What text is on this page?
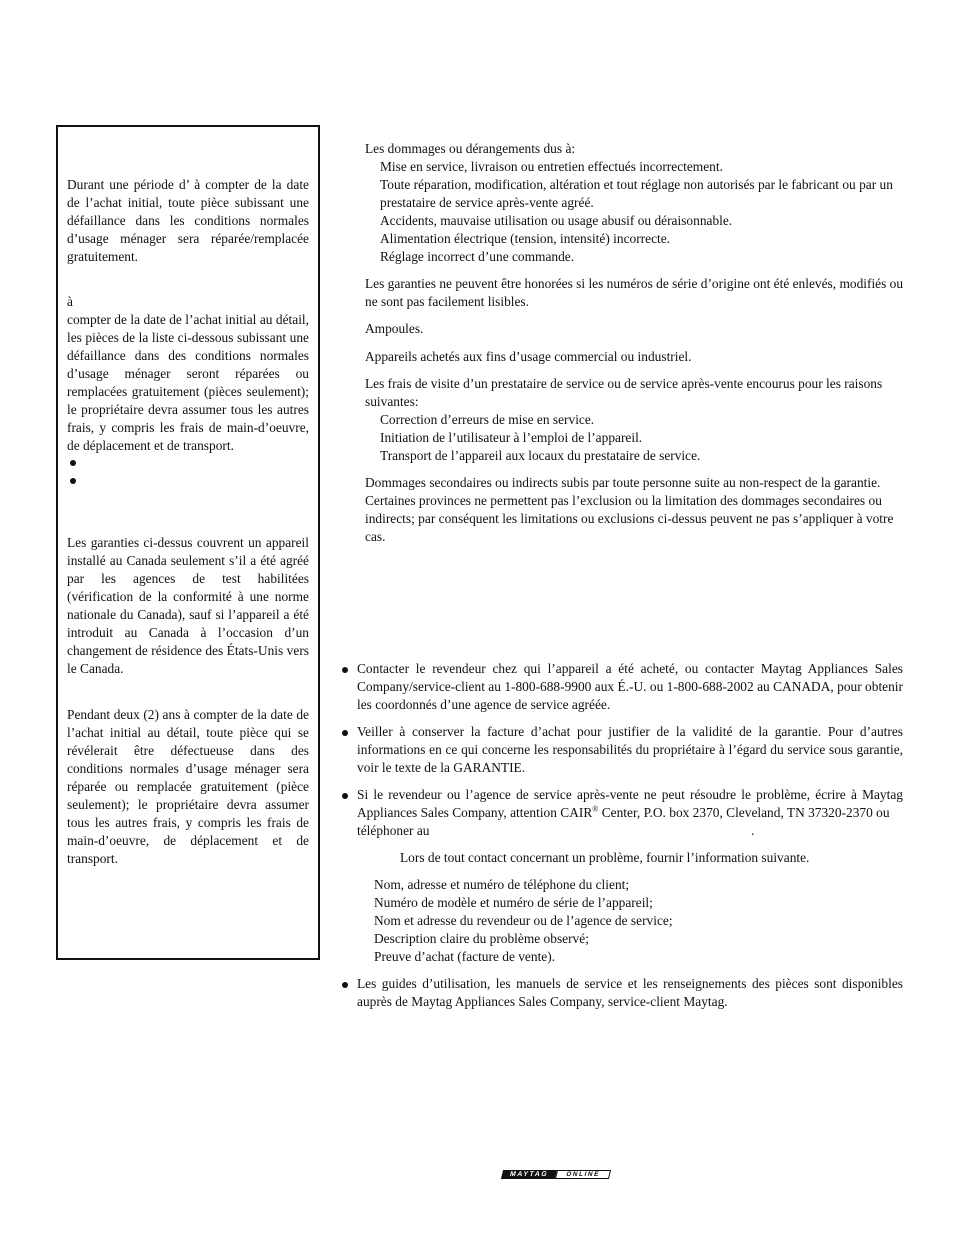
Durant une période d’ à compter de la date de l’achat initial, toute pièce subissant une défaillance dans les conditions normales d’usage ménager sera réparée/remplacée gratuitement.

à

compter de la date de l’achat initial au détail, les pièces de la liste ci-dessous subissant une défaillance dans des conditions normales d’usage ménager seront réparées ou remplacées gratuitement (pièces seulement); le propriétaire devra assumer tous les autres frais, y compris les frais de main-d’oeuvre, de déplacement et de transport.

Les garanties ci-dessus couvrent un appareil installé au Canada seulement s’il a été agréé par les agences de test habilitées (vérification de la conformité à une norme nationale du Canada), sauf si l’appareil a été introduit au Canada à l’occasion d’un changement de résidence des États-Unis vers le Canada.

Pendant deux (2) ans à compter de la date de l’achat initial au détail, toute pièce qui se révélerait être défectueuse dans des conditions normales d’usage ménager sera réparée ou remplacée gratuitement (pièce seulement); le propriétaire devra assumer tous les autres frais, y compris les frais de main-d’oeuvre, de déplacement et de transport.

Les dommages ou dérangements dus à:

Mise en service, livraison ou entretien effectués incorrectement.

Toute réparation, modification, altération et tout réglage non autorisés par le fabricant ou par un prestataire de service après-vente agréé.

Accidents, mauvaise utilisation ou usage abusif ou déraisonnable.

Alimentation électrique (tension, intensité) incorrecte.

Réglage incorrect d’une commande.

Les garanties ne peuvent être honorées si les numéros de série d’origine ont été enlevés, modifiés ou ne sont pas facilement lisibles.

Ampoules.

Appareils achetés aux fins d’usage commercial ou industriel.

Les frais de visite d’un prestataire de service ou de service après-vente encourus pour les raisons suivantes:

Correction d’erreurs de mise en service.

Initiation de l’utilisateur à l’emploi de l’appareil.

Transport de l’appareil aux locaux du prestataire de service.

Dommages secondaires ou indirects subis par toute personne suite au non-respect de la garantie. Certaines provinces ne permettent pas l’exclusion ou la limitation des dommages secondaires ou indirects; par conséquent les limitations ou exclusions ci-dessus peuvent ne pas s’appliquer à votre cas.

Contacter le revendeur chez qui l’appareil a été acheté, ou contacter Maytag Appliances Sales Company/service-client au 1-800-688-9900 aux É.-U. ou 1-800-688-2002 au CANADA, pour obtenir les coordonnés d’une agence de service agréée.

Veiller à conserver la facture d’achat pour justifier de la validité de la garantie. Pour d’autres informations en ce qui concerne les responsabilités du propriétaire à l’égard du service sous garantie, voir le texte de la GARANTIE.

Si le revendeur ou l’agence de service après-vente ne peut résoudre le problème, écrire à Maytag Appliances Sales Company, attention CAIR® Center, P.O. box 2370, Cleveland, TN 37320-2370 ou

téléphoner au	.

Lors de tout contact concernant un problème, fournir l’information suivante.

Nom, adresse et numéro de téléphone du client;

Numéro de modèle et numéro de série de l’appareil;

Nom et adresse du revendeur ou de l’agence de service;

Description claire du problème observé;

Preuve d’achat (facture de vente).

Les guides d’utilisation, les manuels de service et les renseignements des pièces sont disponibles auprès de Maytag Appliances Sales Company, service-client Maytag.

MAYTAG	ONLINE
